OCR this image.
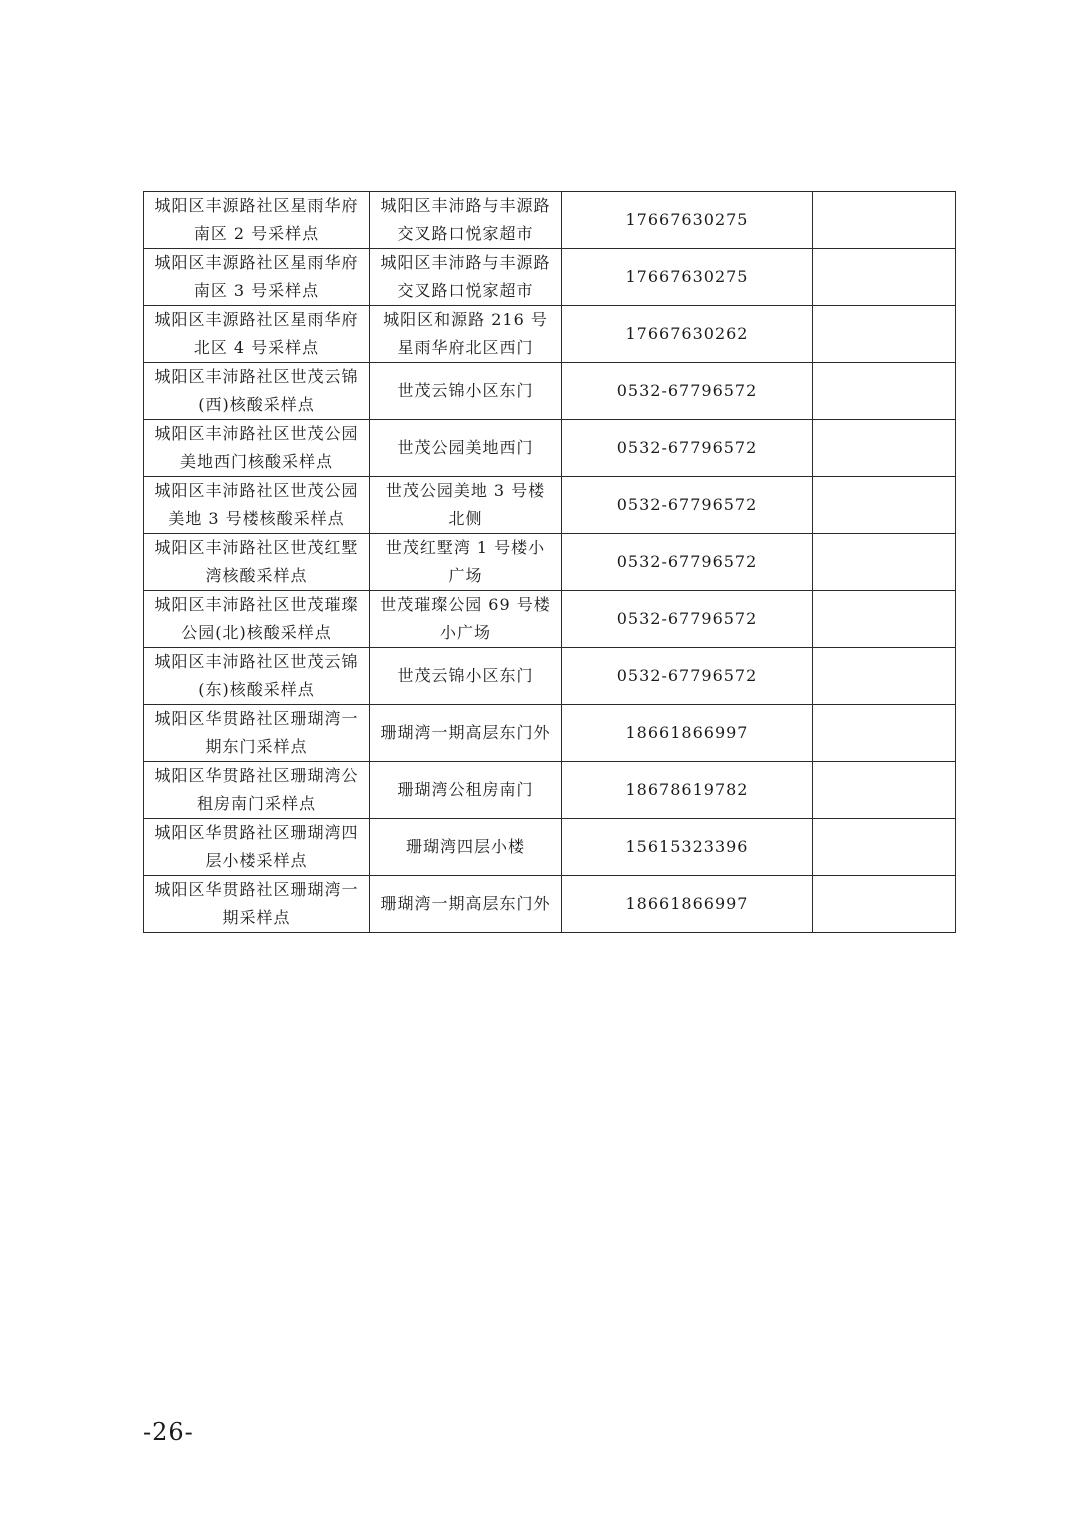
城阳区丰源路社区星雨华府南区 2 号采样点	城阳区丰沛路与丰源路交叉路口悦家超市	17667630275	
城阳区丰源路社区星雨华府南区 3 号采样点	城阳区丰沛路与丰源路交叉路口悦家超市	17667630275	
城阳区丰源路社区星雨华府北区 4 号采样点	城阳区和源路 216 号星雨华府北区西门	17667630262	
城阳区丰沛路社区世茂云锦(西)核酸采样点	世茂云锦小区东门	0532-67796572	
城阳区丰沛路社区世茂公园美地西门核酸采样点	世茂公园美地西门	0532-67796572	
城阳区丰沛路社区世茂公园美地 3 号楼核酸采样点	世茂公园美地 3 号楼北侧	0532-67796572	
城阳区丰沛路社区世茂红墅湾核酸采样点	世茂红墅湾 1 号楼小广场	0532-67796572	
城阳区丰沛路社区世茂璀璨公园(北)核酸采样点	世茂璀璨公园 69 号楼小广场	0532-67796572	
城阳区丰沛路社区世茂云锦(东)核酸采样点	世茂云锦小区东门	0532-67796572	
城阳区华贯路社区珊瑚湾一期东门采样点	珊瑚湾一期高层东门外	18661866997	
城阳区华贯路社区珊瑚湾公租房南门采样点	珊瑚湾公租房南门	18678619782	
城阳区华贯路社区珊瑚湾四层小楼采样点	珊瑚湾四层小楼	15615323396	
城阳区华贯路社区珊瑚湾一期采样点	珊瑚湾一期高层东门外	18661866997	
-26-
